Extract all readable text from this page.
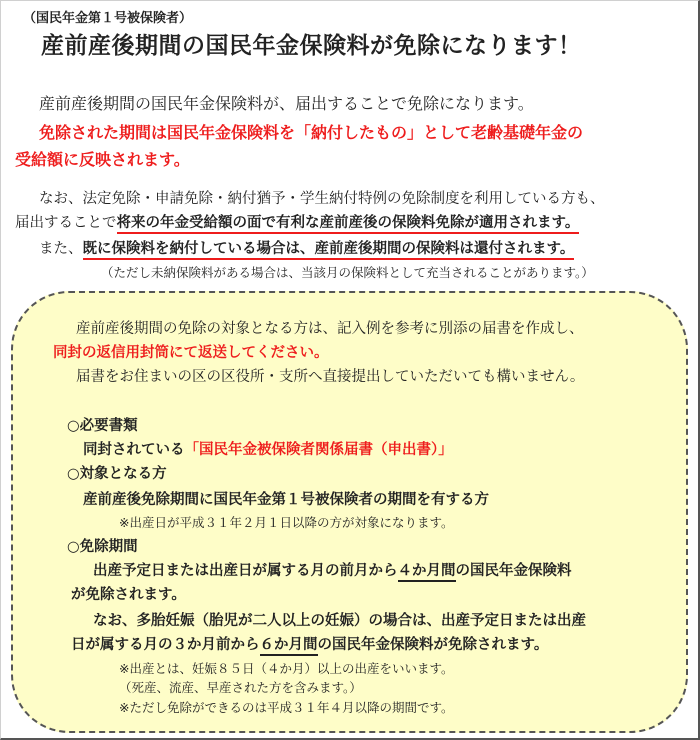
（国民年金第１号被保険者）
産前産後期間の国民年金保険料が免除になります！
産前産後期間の国民年金保険料が、届出することで免除になります。
免除された期間は国民年金保険料を「納付したもの」として老齢基礎年金の
受給額に反映されます。
なお、法定免除・申請免除・納付猶予・学生納付特例の免除制度を利用している方も、
届出することで将来の年金受給額の面で有利な産前産後の保険料免除が適用されます。
また、既に保険料を納付している場合は、産前産後期間の保険料は還付されます。
（ただし未納保険料がある場合は、当該月の保険料として充当されることがあります。）
産前産後期間の免除の対象となる方は、記入例を参考に別添の届書を作成し、
同封の返信用封筒にて返送してください。
届書をお住まいの区の区役所・支所へ直接提出していただいても構いません。
○必要書類
同封されている「国民年金被保険者関係届書（申出書）」
○対象となる方
産前産後免除期間に国民年金第１号被保険者の期間を有する方
※出産日が平成３１年２月１日以降の方が対象になります。
○免除期間
出産予定日または出産日が属する月の前月から４か月間の国民年金保険料
が免除されます。
なお、多胎妊娠（胎児が二人以上の妊娠）の場合は、出産予定日または出産
日が属する月の３か月前から６か月間の国民年金保険料が免除されます。
※出産とは、妊娠８５日（４か月）以上の出産をいいます。
（死産、流産、早産された方を含みます。）
※ただし免除ができるのは平成３１年４月以降の期間です。
